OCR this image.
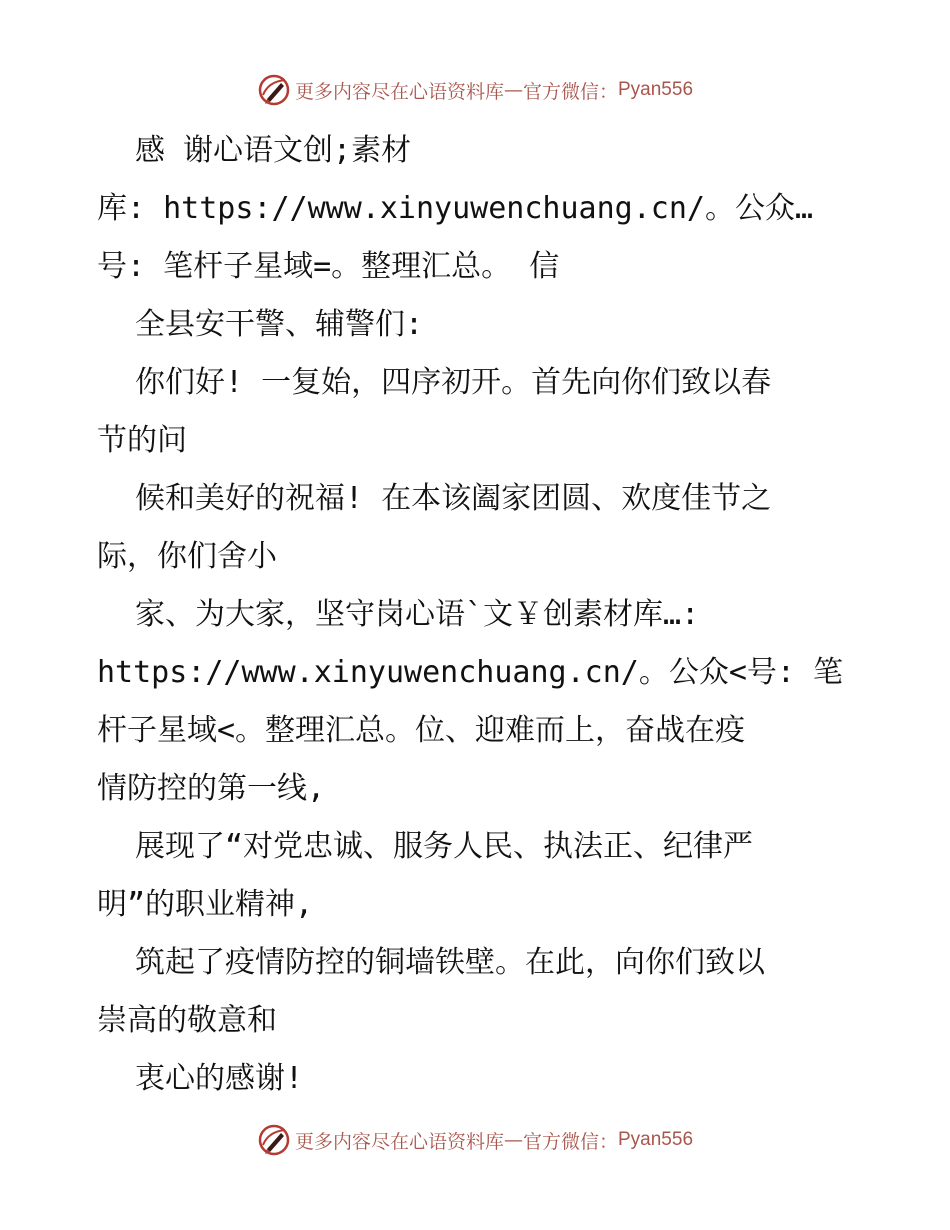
更多内容尽在心语资料库 — 官方微信： Pyan556

感 谢心语文创;素材

库: https://www.xinyuwenchuang.cn/。公众…

号: 笔杆子星域=。整理汇总。 信

全县安干警、辅警们:

你们好! 一复始，四序初开。首先向你们致以春

节的问

候和美好的祝福! 在本该阖家团圆、欢度佳节之

际，你们舍小

家、为大家，坚守岗心语`文￥创素材库…:

https://www.xinyuwenchuang.cn/。公众<号: 笔

杆子星域<。整理汇总。位、迎难而上，奋战在疫

情防控的第一线,

展现了“对党忠诚、服务人民、执法正、纪律严

明”的职业精神,

筑起了疫情防控的铜墙铁壁。在此，向你们致以

崇高的敬意和

衷心的感谢!

更多内容尽在心语资料库 — 官方微信： Pyan556
